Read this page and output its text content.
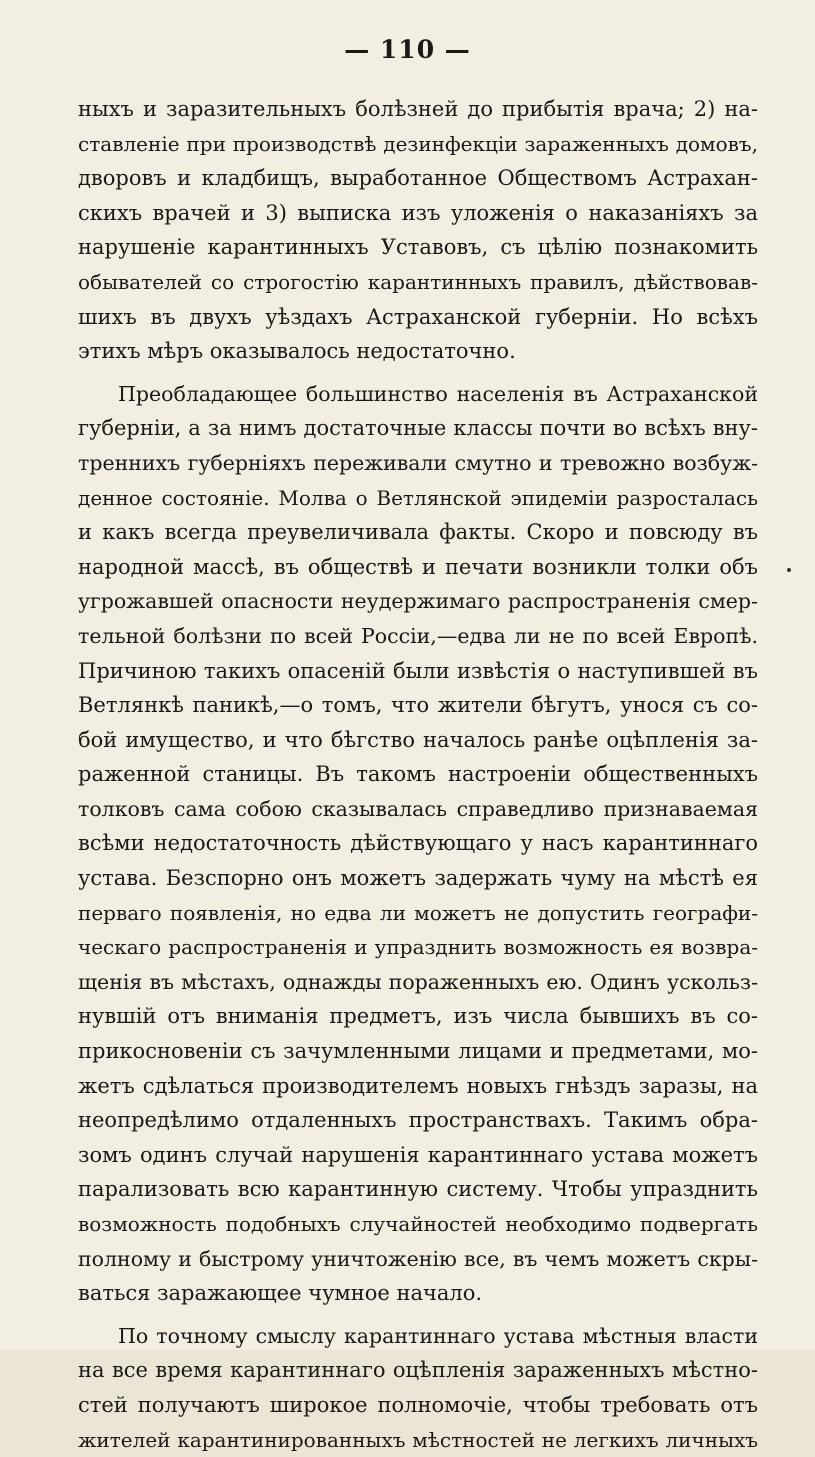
— 110 —
ныхъ и заразительныхъ болѣзней до прибытія врача; 2) на-
ставленіе при производствѣ дезинфекціи зараженныхъ домовъ,
дворовъ и кладбищъ, выработанное Обществомъ Астрахан-
скихъ врачей и 3) выписка изъ уложенія о наказаніяхъ за
нарушеніе карантинныхъ Уставовъ, съ цѣлію познакомить
обывателей со строгостію карантинныхъ правилъ, дѣйствовав-
шихъ въ двухъ уѣздахъ Астраханской губерніи. Но всѣхъ
этихъ мѣръ оказывалось недостаточно.
Преобладающее большинство населенія въ Астраханской
губерніи, а за нимъ достаточные классы почти во всѣхъ вну-
треннихъ губерніяхъ переживали смутно и тревожно возбуж-
денное состояніе. Молва о Ветлянской эпидеміи разросталась
и какъ всегда преувеличивала факты. Скоро и повсюду въ
народной массѣ, въ обществѣ и печати возникли толки объ
угрожавшей опасности неудержимаго распространенія смер-
тельной болѣзни по всей Россіи,—едва ли не по всей Европѣ.
Причиною такихъ опасеній были извѣстія о наступившей въ
Ветлянкѣ паникѣ,—о томъ, что жители бѣгутъ, унося съ со-
бой имущество, и что бѣгство началось ранѣе оцѣпленія за-
раженной станицы. Въ такомъ настроеніи общественныхъ
толковъ сама собою сказывалась справедливо признаваемая
всѣми недостаточность дѣйствующаго у насъ карантиннаго
устава. Безспорно онъ можетъ задержать чуму на мѣстѣ ея
перваго появленія, но едва ли можетъ не допустить географи-
ческаго распространенія и упразднить возможность ея возвра-
щенія въ мѣстахъ, однажды пораженныхъ ею. Одинъ ускольз-
нувшій отъ вниманія предметъ, изъ числа бывшихъ въ со-
прикосновеніи съ зачумленными лицами и предметами, мо-
жетъ сдѣлаться производителемъ новыхъ гнѣздъ заразы, на
неопредѣлимо отдаленныхъ пространствахъ. Такимъ обра-
зомъ одинъ случай нарушенія карантиннаго устава можетъ
парализовать всю карантинную систему. Чтобы упразднить
возможность подобныхъ случайностей необходимо подвергать
полному и быстрому уничтоженію все, въ чемъ можетъ скры-
ваться заражающее чумное начало.
По точному смыслу карантиннаго устава мѣстныя власти
на все время карантиннаго оцѣпленія зараженныхъ мѣстно-
стей получаютъ широкое полномочіе, чтобы требовать отъ
жителей карантинированныхъ мѣстностей не легкихъ личныхъ
